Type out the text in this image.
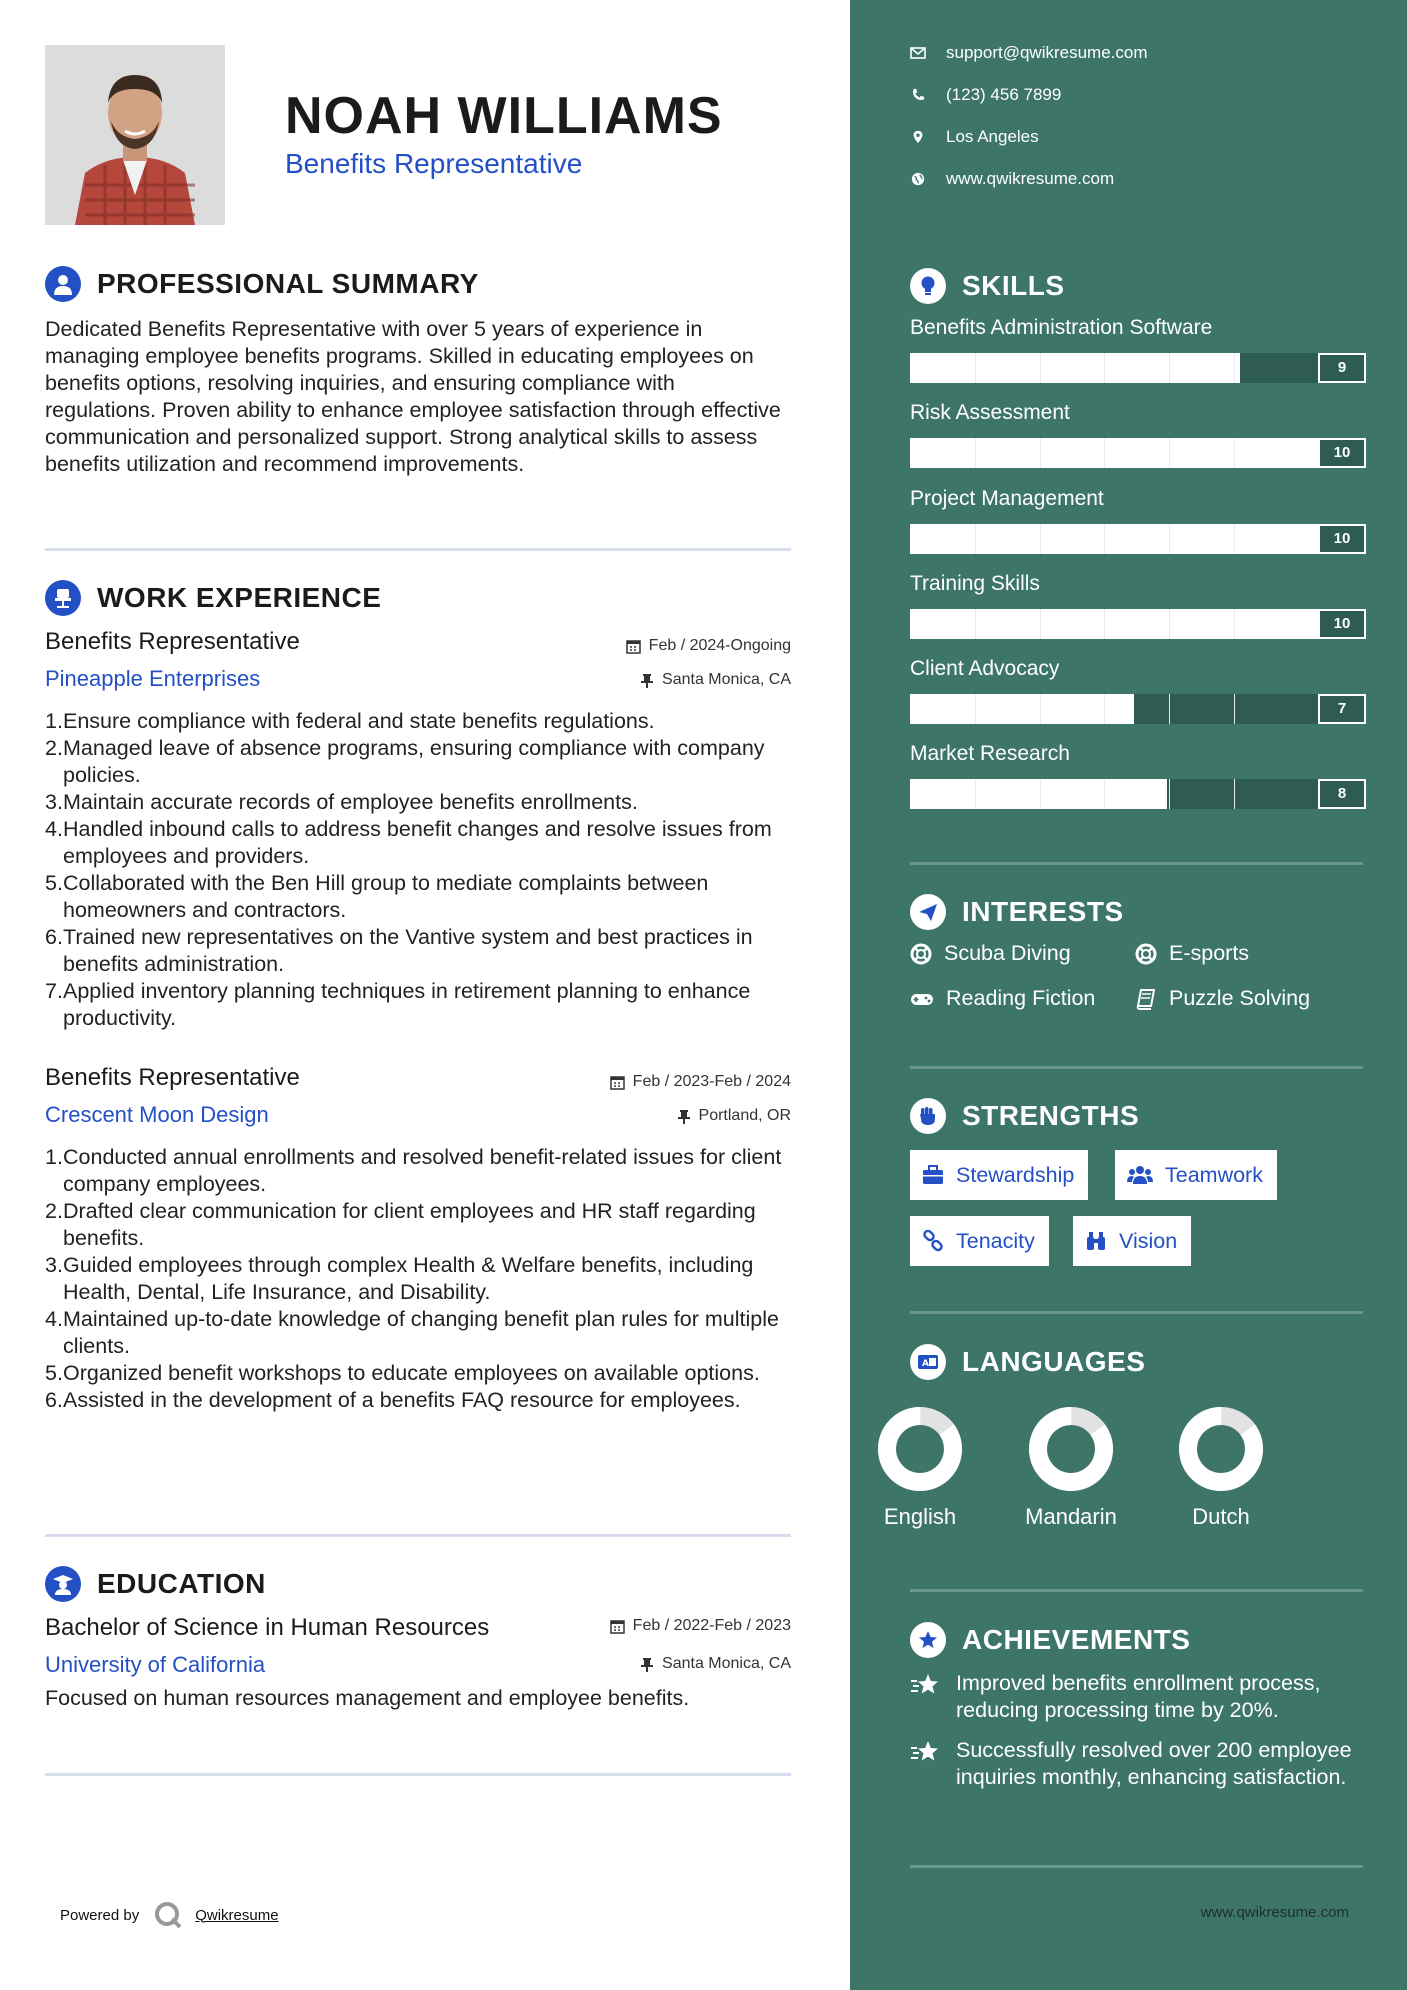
NOAH WILLIAMS
Benefits Representative
PROFESSIONAL SUMMARY
Dedicated Benefits Representative with over 5 years of experience in managing employee benefits programs. Skilled in educating employees on benefits options, resolving inquiries, and ensuring compliance with regulations. Proven ability to enhance employee satisfaction through effective communication and personalized support. Strong analytical skills to assess benefits utilization and recommend improvements.
WORK EXPERIENCE
Benefits Representative	Feb / 2024-Ongoing
Pineapple Enterprises	Santa Monica, CA
1. Ensure compliance with federal and state benefits regulations.
2. Managed leave of absence programs, ensuring compliance with company policies.
3. Maintain accurate records of employee benefits enrollments.
4. Handled inbound calls to address benefit changes and resolve issues from employees and providers.
5. Collaborated with the Ben Hill group to mediate complaints between homeowners and contractors.
6. Trained new representatives on the Vantive system and best practices in benefits administration.
7. Applied inventory planning techniques in retirement planning to enhance productivity.
Benefits Representative	Feb / 2023-Feb / 2024
Crescent Moon Design	Portland, OR
1. Conducted annual enrollments and resolved benefit-related issues for client company employees.
2. Drafted clear communication for client employees and HR staff regarding benefits.
3. Guided employees through complex Health & Welfare benefits, including Health, Dental, Life Insurance, and Disability.
4. Maintained up-to-date knowledge of changing benefit plan rules for multiple clients.
5. Organized benefit workshops to educate employees on available options.
6. Assisted in the development of a benefits FAQ resource for employees.
EDUCATION
Bachelor of Science in Human Resources	Feb / 2022-Feb / 2023
University of California	Santa Monica, CA
Focused on human resources management and employee benefits.
Powered by	Qwikresume
support@qwikresume.com
(123) 456 7899
Los Angeles
www.qwikresume.com
SKILLS
Benefits Administration Software
9
Risk Assessment
10
Project Management
10
Training Skills
10
Client Advocacy
7
Market Research
8
INTERESTS
Scuba Diving	E-sports
Reading Fiction	Puzzle Solving
STRENGTHS
Stewardship	Teamwork
Tenacity	Vision
A LANGUAGES
English	Mandarin	Dutch
ACHIEVEMENTS
Improved benefits enrollment process, reducing processing time by 20%.
Successfully resolved over 200 employee inquiries monthly, enhancing satisfaction.
www.qwikresume.com
